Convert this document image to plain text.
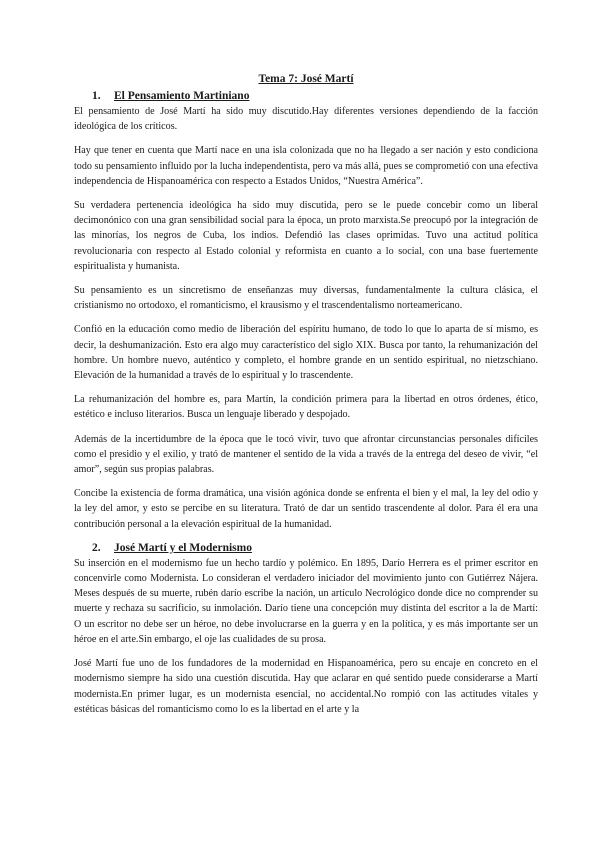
Tema 7: José Martí
1.	El Pensamiento Martiniano

El pensamiento de José Martí ha sido muy discutido.Hay diferentes versiones dependiendo de la facción ideológica de los críticos.

Hay que tener en cuenta que Martí nace en una isla colonizada que no ha llegado a ser nación y esto condiciona todo su pensamiento influido por la lucha independentista, pero va más allá, pues se comprometió con una efectiva independencia de Hispanoamérica con respecto a Estados Unidos, “Nuestra América”.

Su verdadera pertenencia ideológica ha sido muy discutida, pero se le puede concebir como un liberal decimonónico con una gran sensibilidad social para la época, un proto marxista.Se preocupó por la integración de las minorías, los negros de Cuba, los indios. Defendió las clases oprimidas. Tuvo una actitud política revolucionaria con respecto al Estado colonial y reformista en cuanto a lo social, con una base fuertemente espiritualista y humanista.

Su pensamiento es un sincretismo de enseñanzas muy diversas, fundamentalmente la cultura clásica, el cristianismo no ortodoxo, el romanticismo, el krausismo y el trascendentalismo norteamericano.

Confió en la educación como medio de liberación del espíritu humano, de todo lo que lo aparta de sí mismo, es decir, la deshumanización. Esto era algo muy característico del siglo XIX. Busca por tanto, la rehumanización del hombre. Un hombre nuevo, auténtico y completo, el hombre grande en un sentido espiritual, no nietzschiano. Elevación de la humanidad a través de lo espiritual y lo trascendente.

La rehumanización del hombre es, para Martín, la condición primera para la libertad en otros órdenes, ético, estético e incluso literarios. Busca un lenguaje liberado y despojado.

Además de la incertidumbre de la época que le tocó vivir, tuvo que afrontar circunstancias personales difíciles como el presidio y el exilio, y trató de mantener el sentido de la vida a través de la entrega del deseo de vivir, “el amor”, según sus propias palabras.

Concibe la existencia de forma dramática, una visión agónica donde se enfrenta el bien y el mal, la ley del odio y la ley del amor, y esto se percibe en su literatura. Trató de dar un sentido trascendente al dolor. Para él era una contribución personal a la elevación espiritual de la humanidad.

2.	José Martí y el Modernismo

Su inserción en el modernismo fue un hecho tardío y polémico. En 1895, Darío Herrera es el primer escritor en concenvirle como Modernista. Lo consideran el verdadero iniciador del movimiento junto con Gutiérrez Nájera. Meses después de su muerte, rubén darío escribe la nación, un artículo Necrológico donde dice no comprender su muerte y rechaza su sacrificio, su inmolación. Darío tiene una concepción muy distinta del escritor a la de Martí: O un escritor no debe ser un héroe, no debe involucrarse en la guerra y en la política, y es más importante ser un héroe en el arte.Sin embargo, el oje las cualidades de su prosa.

José Martí fue uno de los fundadores de la modernidad en Hispanoamérica, pero su encaje en concreto en el modernismo siempre ha sido una cuestión discutida. Hay que aclarar en qué sentido puede considerarse a Martí modernista.En primer lugar, es un modernista esencial, no accidental.No rompió con las actitudes vitales y estéticas básicas del romanticismo como lo es la libertad en el arte y la
